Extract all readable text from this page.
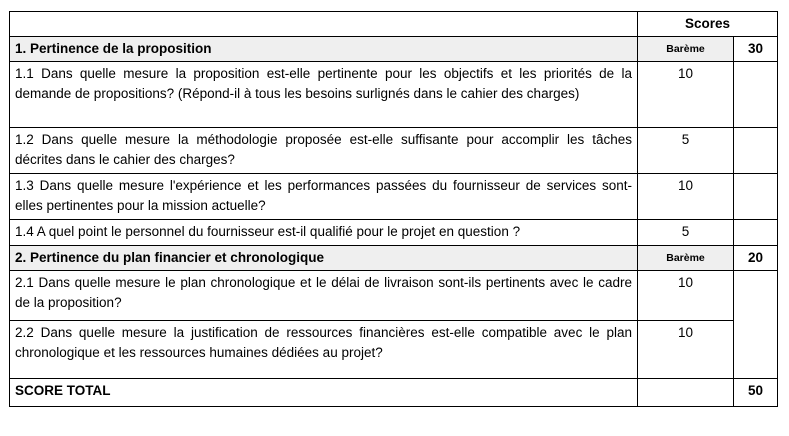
	Scores	
1. Pertinence de la proposition	Barème	30
1.1 Dans quelle mesure la proposition est-elle pertinente pour les objectifs et les priorités de la demande de propositions? (Répond-il à tous les besoins surlignés dans le cahier des charges)	10	
1.2 Dans quelle mesure la méthodologie proposée est-elle suffisante pour accomplir les tâches décrites dans le cahier des charges?	5	
1.3 Dans quelle mesure l'expérience et les performances passées du fournisseur de services sont-elles pertinentes pour la mission actuelle?	10	
1.4 A quel point le personnel du fournisseur est-il qualifié pour le projet en question ?	5	
2. Pertinence du plan financier et chronologique	Barème	20
2.1 Dans quelle mesure le plan chronologique et le délai de livraison sont-ils pertinents avec le cadre de la proposition?	10	
2.2 Dans quelle mesure la justification de ressources financières est-elle compatible avec le plan chronologique et les ressources humaines dédiées au projet?	10	
SCORE TOTAL		50
